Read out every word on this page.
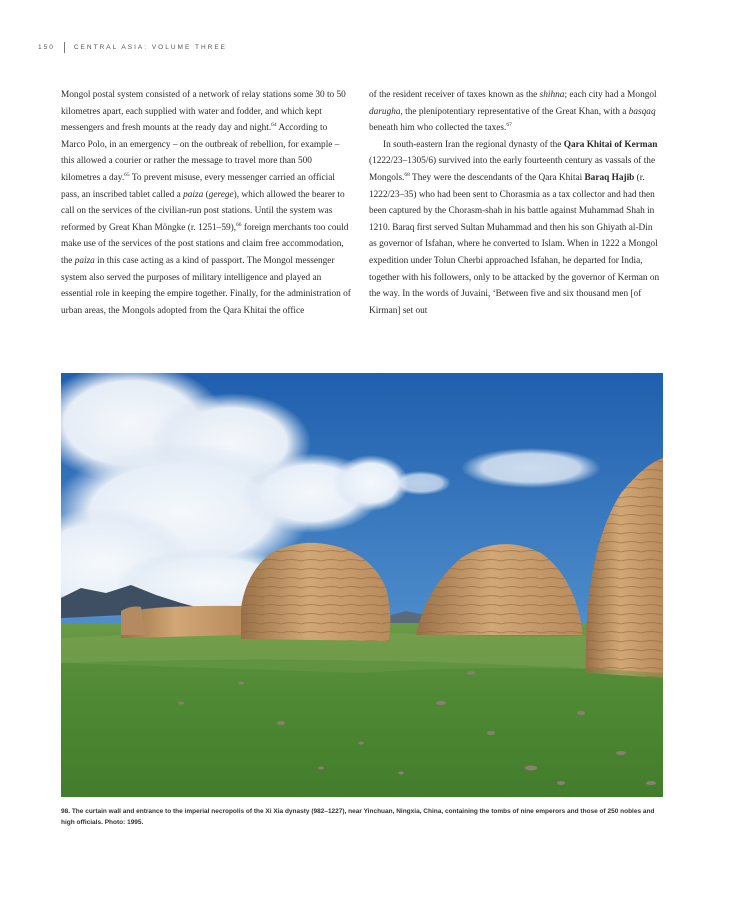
150	CENTRAL ASIA: VOLUME THREE

Mongol postal system consisted of a network of relay stations some 30 to 50 kilometres apart, each supplied with water and fodder, and which kept messengers and fresh mounts at the ready day and night.$^{64}$ According to Marco Polo, in an emergency – on the outbreak of rebellion, for example – this allowed a courier or rather the message to travel more than 500 kilometres a day.$^{65}$ To prevent misuse, every messenger carried an official pass, an inscribed tablet called a paiza (gerege), which allowed the bearer to call on the services of the civilian-run post stations. Until the system was reformed by Great Khan Möngke (r. 1251–59),$^{66}$ foreign merchants too could make use of the services of the post stations and claim free accommodation, the paiza in this case acting as a kind of passport. The Mongol messenger system also served the purposes of military intelligence and played an essential role in keeping the empire together. Finally, for the administration of urban areas, the Mongols adopted from the Qara Khitai the office

of the resident receiver of taxes known as the shihna; each city had a Mongol darugha, the plenipotentiary representative of the Great Khan, with a basqaq beneath him who collected the taxes.$^{67}$

In south-eastern Iran the regional dynasty of the Qara Khitai of Kerman (1222/23–1305/6) survived into the early fourteenth century as vassals of the Mongols.$^{68}$ They were the descendants of the Qara Khitai Baraq Hajib (r. 1222/23–35) who had been sent to Chorasmia as a tax collector and had then been captured by the Chorasm-shah in his battle against Muhammad Shah in 1210. Baraq first served Sultan Muhammad and then his son Ghiyath al-Din as governor of Isfahan, where he converted to Islam. When in 1222 a Mongol expedition under Tolun Cherbi approached Isfahan, he departed for India, together with his followers, only to be attacked by the governor of Kerman on the way. In the words of Juvaini, ‘Between five and six thousand men [of Kirman] set out

98. The curtain wall and entrance to the imperial necropolis of the Xi Xia dynasty (982–1227), near Yinchuan, Ningxia, China, containing the tombs of nine emperors and those of 250 nobles and high officials. Photo: 1995.
